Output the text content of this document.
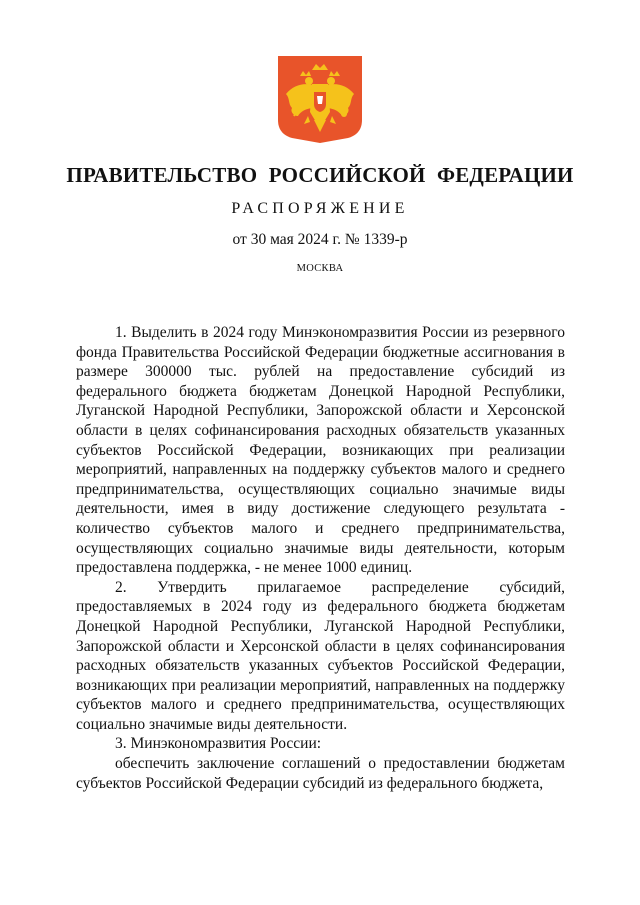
ПРАВИТЕЛЬСТВО РОССИЙСКОЙ ФЕДЕРАЦИИ
РАСПОРЯЖЕНИЕ
от 30 мая 2024 г. № 1339-р
МОСКВА

1. Выделить в 2024 году Минэкономразвития России из резервного фонда Правительства Российской Федерации бюджетные ассигнования в размере 300000 тыс. рублей на предоставление субсидий из федерального бюджета бюджетам Донецкой Народной Республики, Луганской Народной Республики, Запорожской области и Херсонской области в целях софинансирования расходных обязательств указанных субъектов Российской Федерации, возникающих при реализации мероприятий, направленных на поддержку субъектов малого и среднего предпринимательства, осуществляющих социально значимые виды деятельности, имея в виду достижение следующего результата - количество субъектов малого и среднего предпринимательства, осуществляющих социально значимые виды деятельности, которым предоставлена поддержка, - не менее 1000 единиц.

2. Утвердить прилагаемое распределение субсидий, предоставляемых в 2024 году из федерального бюджета бюджетам Донецкой Народной Республики, Луганской Народной Республики, Запорожской области и Херсонской области в целях софинансирования расходных обязательств указанных субъектов Российской Федерации, возникающих при реализации мероприятий, направленных на поддержку субъектов малого и среднего предпринимательства, осуществляющих социально значимые виды деятельности.

3. Минэкономразвития России:

обеспечить заключение соглашений о предоставлении бюджетам субъектов Российской Федерации субсидий из федерального бюджета,
